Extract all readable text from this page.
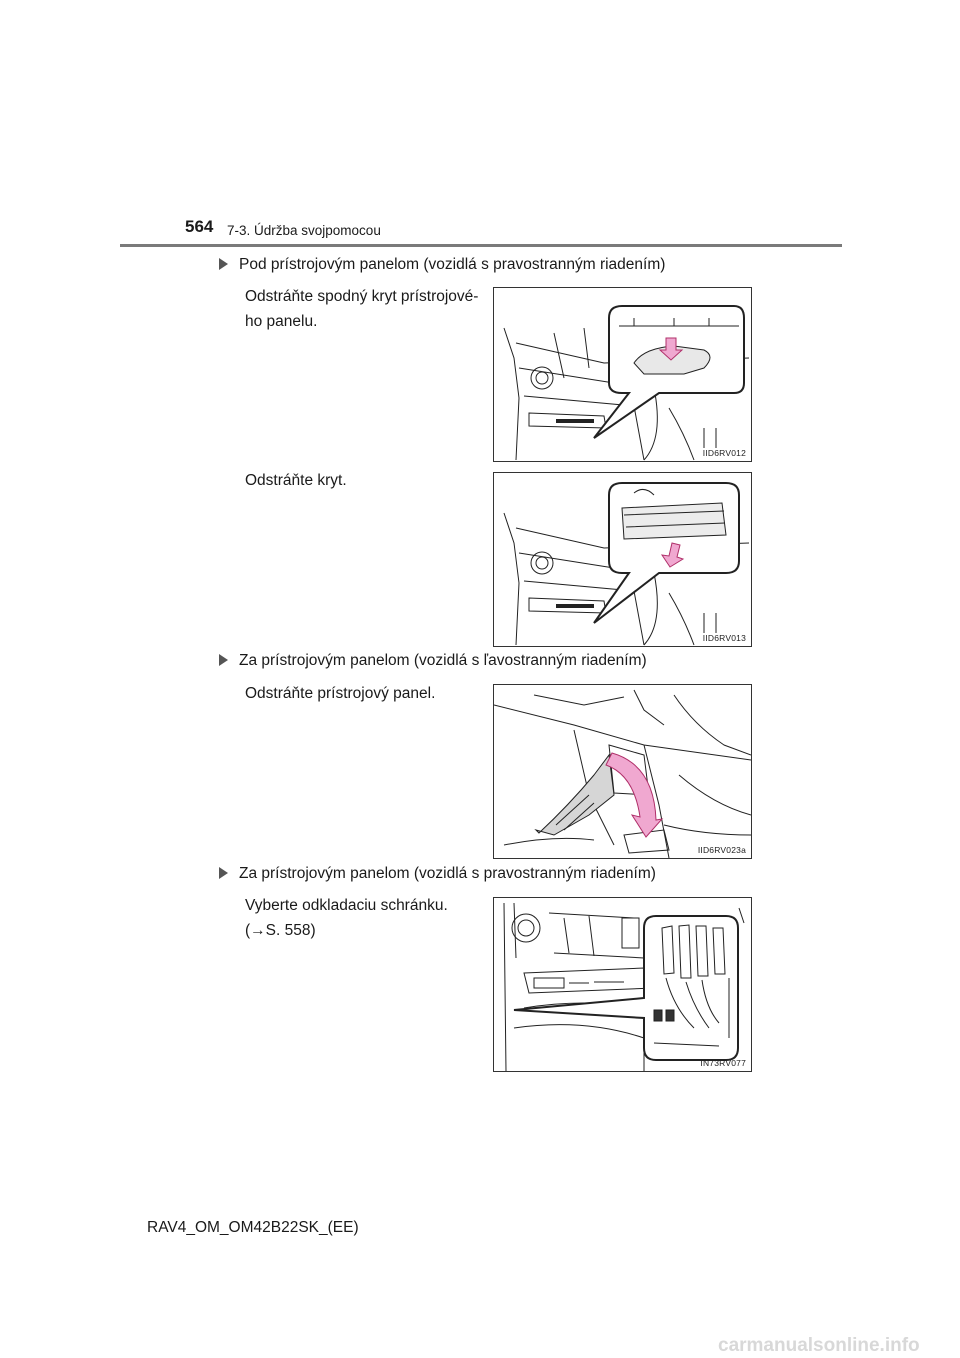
564 7-3. Údržba svojpomocou
Pod prístrojovým panelom (vozidlá s pravostranným riadením)
Odstráňte spodný kryt prístrojové-ho panelu.
IID6RV012
Odstráňte kryt.
IID6RV013
Za prístrojovým panelom (vozidlá s ľavostranným riadením)
Odstráňte prístrojový panel.
IID6RV023a
Za prístrojovým panelom (vozidlá s pravostranným riadením)
Vyberte odkladaciu schránku.
(→S. 558)
IN73RV077
RAV4_OM_OM42B22SK_(EE)
carmanualsonline.info
